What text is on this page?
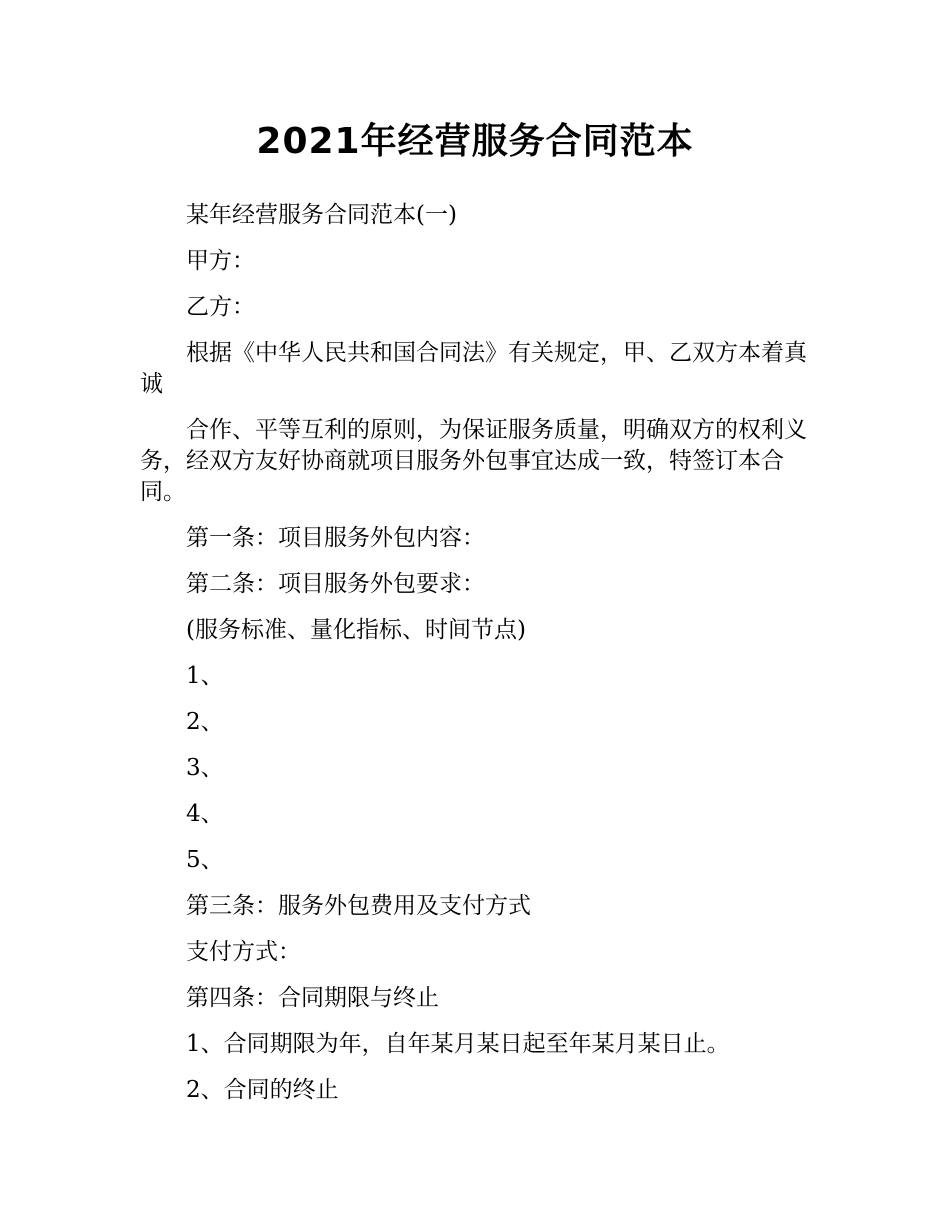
2021年经营服务合同范本

某年经营服务合同范本(一)

甲方：

乙方：

根据《中华人民共和国合同法》有关规定，甲、乙双方本着真诚

合作、平等互利的原则，为保证服务质量，明确双方的权利义务，经双方友好协商就项目服务外包事宜达成一致，特签订本合同。

第一条：项目服务外包内容：

第二条：项目服务外包要求：

(服务标准、量化指标、时间节点)

1、

2、

3、

4、

5、

第三条：服务外包费用及支付方式

支付方式：

第四条：合同期限与终止

1、合同期限为年，自年某月某日起至年某月某日止。

2、合同的终止
